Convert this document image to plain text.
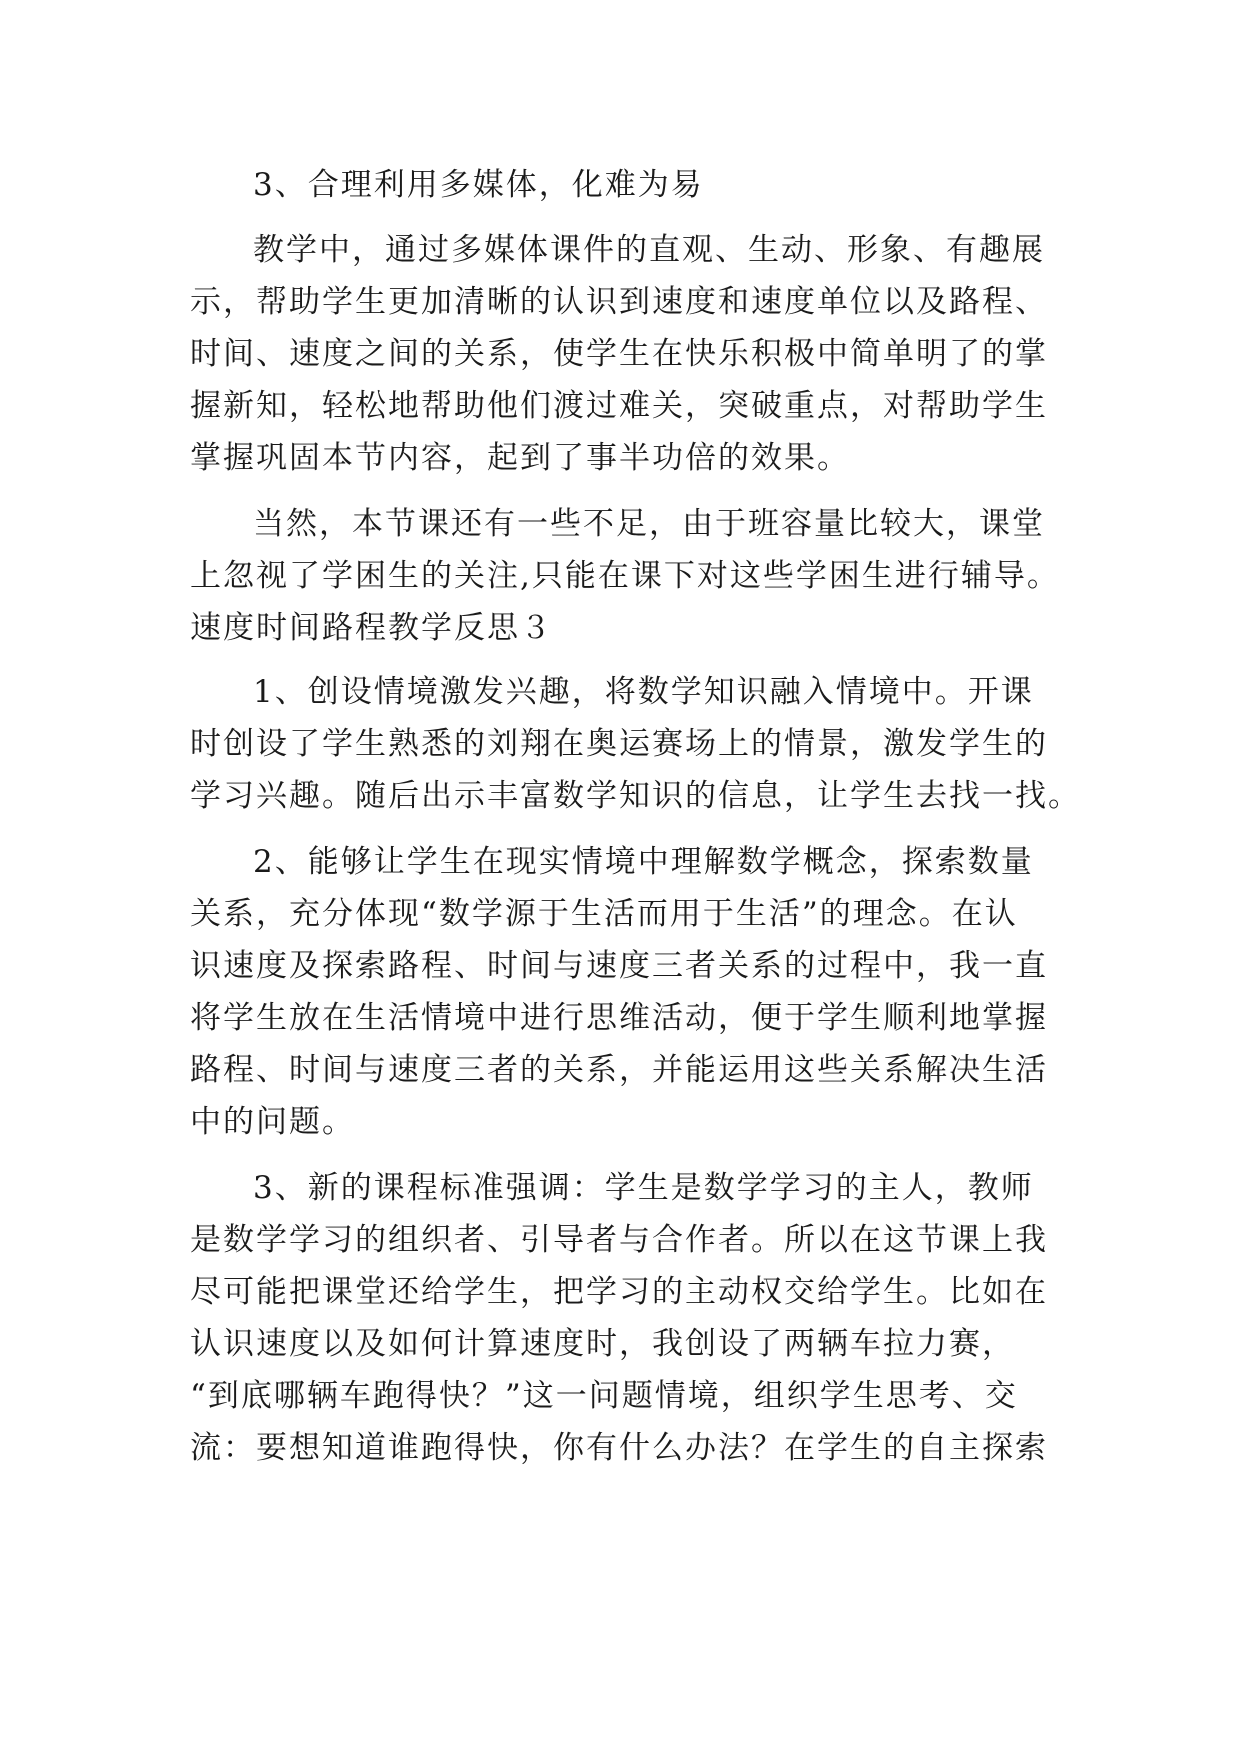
3、合理利用多媒体，化难为易
教学中，通过多媒体课件的直观、生动、形象、有趣展
示，帮助学生更加清晰的认识到速度和速度单位以及路程、
时间、速度之间的关系，使学生在快乐积极中简单明了的掌
握新知，轻松地帮助他们渡过难关，突破重点，对帮助学生
掌握巩固本节内容，起到了事半功倍的效果。
当然，本节课还有一些不足，由于班容量比较大，课堂
上忽视了学困生的关注,只能在课下对这些学困生进行辅导。
速度时间路程教学反思３
1、创设情境激发兴趣，将数学知识融入情境中。开课
时创设了学生熟悉的刘翔在奥运赛场上的情景，激发学生的
学习兴趣。随后出示丰富数学知识的信息，让学生去找一找。
2、能够让学生在现实情境中理解数学概念，探索数量
关系，充分体现“数学源于生活而用于生活”的理念。在认
识速度及探索路程、时间与速度三者关系的过程中，我一直
将学生放在生活情境中进行思维活动，便于学生顺利地掌握
路程、时间与速度三者的关系，并能运用这些关系解决生活
中的问题。
3、新的课程标准强调：学生是数学学习的主人，教师
是数学学习的组织者、引导者与合作者。所以在这节课上我
尽可能把课堂还给学生，把学习的主动权交给学生。比如在
认识速度以及如何计算速度时，我创设了两辆车拉力赛，
“到底哪辆车跑得快？”这一问题情境，组织学生思考、交
流：要想知道谁跑得快，你有什么办法？在学生的自主探索
